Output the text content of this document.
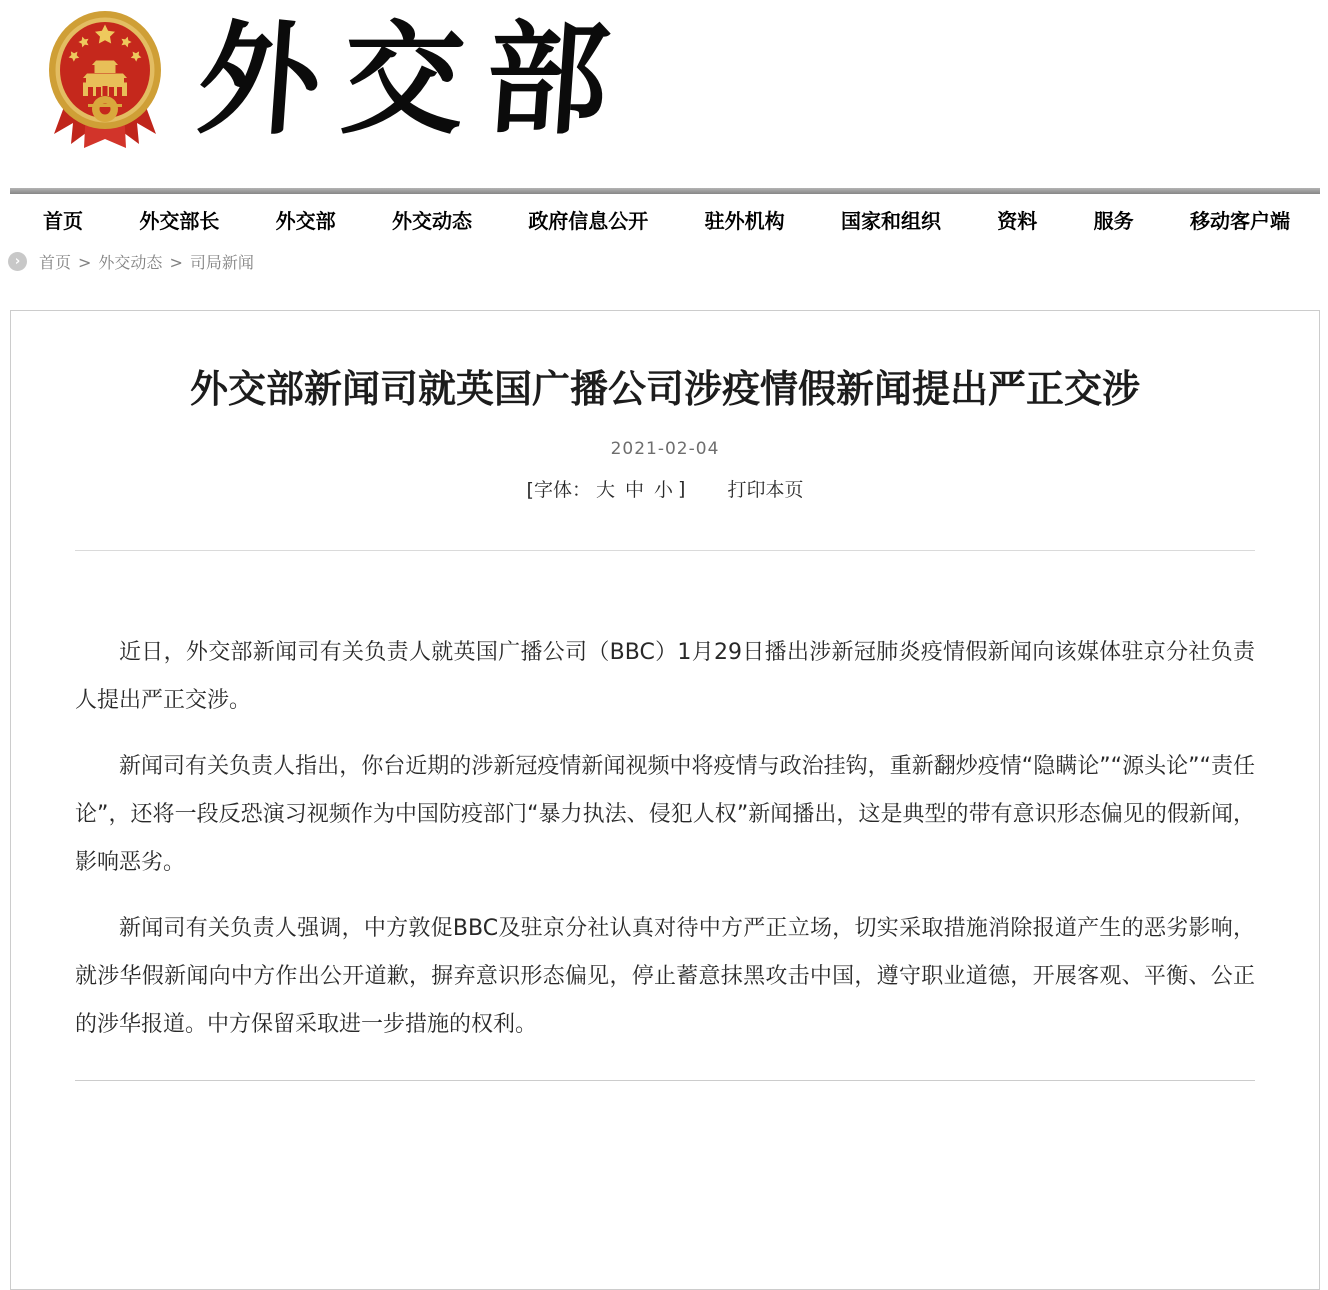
外交部
首页	外交部长	外交部	外交动态	政府信息公开	驻外机构	国家和组织	资料	服务	移动客户端
›	首页 > 外交动态 > 司局新闻
外交部新闻司就英国广播公司涉疫情假新闻提出严正交涉
2021-02-04
[字体： 大 中 小 ] 打印本页

近日，外交部新闻司有关负责人就英国广播公司（BBC）1月29日播出涉新冠肺炎疫情假新闻向该媒体驻京分社负责人提出严正交涉。

新闻司有关负责人指出，你台近期的涉新冠疫情新闻视频中将疫情与政治挂钩，重新翻炒疫情“隐瞒论”“源头论”“责任论”，还将一段反恐演习视频作为中国防疫部门“暴力执法、侵犯人权”新闻播出，这是典型的带有意识形态偏见的假新闻，影响恶劣。

新闻司有关负责人强调，中方敦促BBC及驻京分社认真对待中方严正立场，切实采取措施消除报道产生的恶劣影响，就涉华假新闻向中方作出公开道歉，摒弃意识形态偏见，停止蓄意抹黑攻击中国，遵守职业道德，开展客观、平衡、公正的涉华报道。中方保留采取进一步措施的权利。
